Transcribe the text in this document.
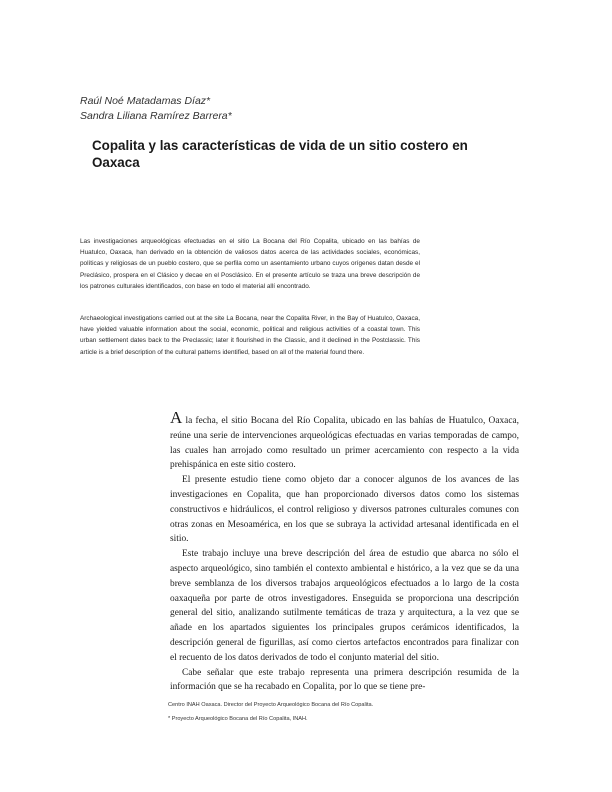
Raúl Noé Matadamas Díaz*
Sandra Liliana Ramírez Barrera*
Copalita y las características de vida de un sitio costero en Oaxaca

Las investigaciones arqueológicas efectuadas en el sitio La Bocana del Río Copalita, ubicado en las bahías de Huatulco, Oaxaca, han derivado en la obtención de valiosos datos acerca de las actividades sociales, económicas, políticas y religiosas de un pueblo costero, que se perfila como un asentamiento urbano cuyos orígenes datan desde el Preclásico, prospera en el Clásico y decae en el Posclásico. En el presente artículo se traza una breve descripción de los patrones culturales identificados, con base en todo el material allí encontrado.

Archaeological investigations carried out at the site La Bocana, near the Copalita River, in the Bay of Huatulco, Oaxaca, have yielded valuable information about the social, economic, political and religious activities of a coastal town. This urban settlement dates back to the Preclassic; later it flourished in the Classic, and it declined in the Postclassic. This article is a brief description of the cultural patterns identified, based on all of the material found there.

A la fecha, el sitio Bocana del Río Copalita, ubicado en las bahías de Huatulco, Oaxaca, reúne una serie de intervenciones arqueológicas efectuadas en varias temporadas de campo, las cuales han arrojado como resultado un primer acercamiento con respecto a la vida prehispánica en este sitio costero.

El presente estudio tiene como objeto dar a conocer algunos de los avances de las investigaciones en Copalita, que han proporcionado diversos datos como los sistemas constructivos e hidráulicos, el control religioso y diversos patrones culturales comunes con otras zonas en Mesoamérica, en los que se subraya la actividad artesanal identificada en el sitio.

Este trabajo incluye una breve descripción del área de estudio que abarca no sólo el aspecto arqueológico, sino también el contexto ambiental e histórico, a la vez que se da una breve semblanza de los diversos trabajos arqueológicos efectuados a lo largo de la costa oaxaqueña por parte de otros investigadores. Enseguida se proporciona una descripción general del sitio, analizando sutilmente temáticas de traza y arquitectura, a la vez que se añade en los apartados siguientes los principales grupos cerámicos identificados, la descripción general de figurillas, así como ciertos artefactos encontrados para finalizar con el recuento de los datos derivados de todo el conjunto material del sitio.

Cabe señalar que este trabajo representa una primera descripción resumida de la información que se ha recabado en Copalita, por lo que se tiene pre-

Centro INAH Oaxaca. Director del Proyecto Arqueológico Bocana del Río Copalita.
* Proyecto Arqueológico Bocana del Río Copalita, INAH.
